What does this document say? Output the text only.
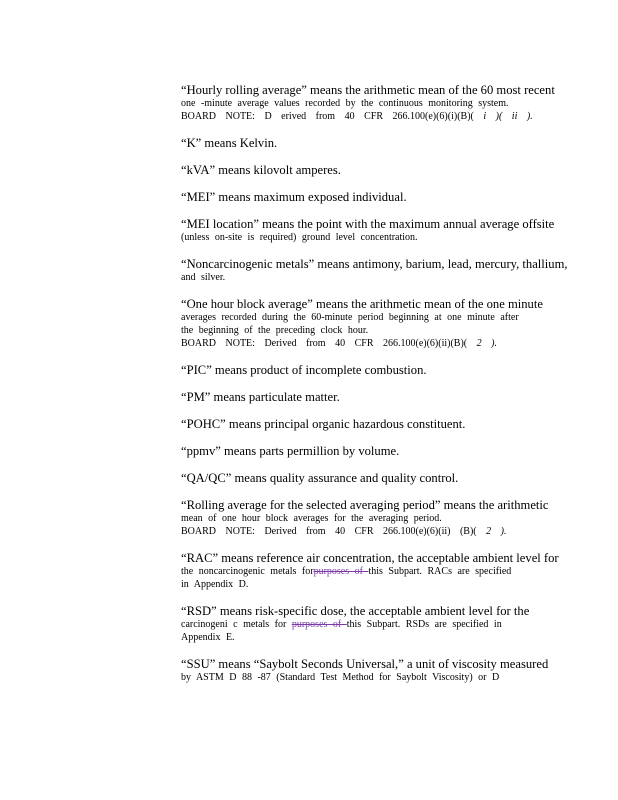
“Hourly rolling average” means the arithmetic mean of the 60 most recent
one -minute average values recorded by the continuous monitoring system.
BOARD NOTE: D erived from 40 CFR 266.100(e)(6)(i)(B)( i )( ii ).
“K” means Kelvin.
“kVA” means kilovolt amperes.
“MEI” means maximum exposed individual.
“MEI location” means the point with the maximum annual average offsite
(unless on-site is required) ground level concentration.
“Noncarcinogenic metals” means antimony, barium, lead, mercury, thallium,
and silver.
“One hour block average” means the arithmetic mean of the one minute
averages recorded during the 60-minute period beginning at one minute after
the beginning of the preceding clock hour.
BOARD NOTE: Derived from 40 CFR 266.100(e)(6)(ii)(B)( 2 ).
“PIC” means product of incomplete combustion.
“PM” means particulate matter.
“POHC” means principal organic hazardous constituent.
“ppmv” means parts permillion by volume.
“QA/QC” means quality assurance and quality control.
“Rolling average for the selected averaging period” means the arithmetic
mean of one hour block averages for the averaging period.
BOARD NOTE: Derived from 40 CFR 266.100(e)(6)(ii) (B)( 2 ).
“RAC” means reference air concentration, the acceptable ambient level for
the noncarcinogenic metals forpurposes of this Subpart. RACs are specified
in Appendix D.
“RSD” means risk-specific dose, the acceptable ambient level for the
carcinogeni c metals for purposes of this Subpart. RSDs are specified in
Appendix E.
“SSU” means “Saybolt Seconds Universal,” a unit of viscosity measured
by ASTM D 88 -87 (Standard Test Method for Saybolt Viscosity) or D
